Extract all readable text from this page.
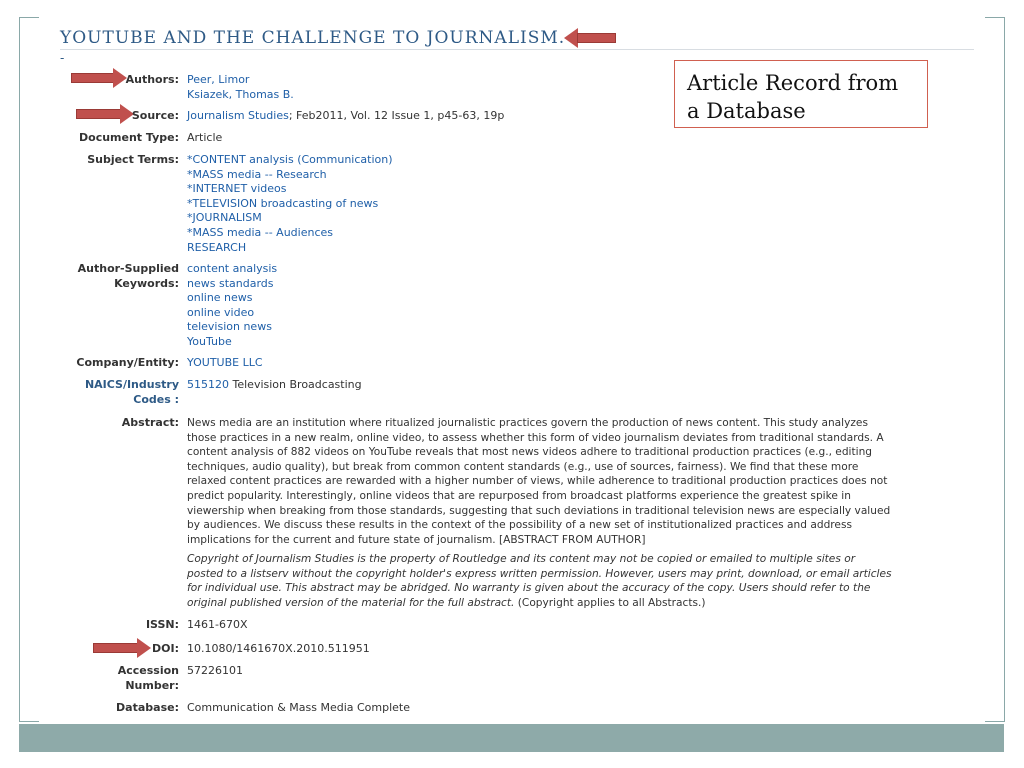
YOUTUBE AND THE CHALLENGE TO JOURNALISM.
-
Article Record from
a Database
Authors: Peer, Limor
Ksiazek, Thomas B.
Source: Journalism Studies; Feb2011, Vol. 12 Issue 1, p45-63, 19p
Document Type: Article
Subject Terms: *CONTENT analysis (Communication)
*MASS media -- Research
*INTERNET videos
*TELEVISION broadcasting of news
*JOURNALISM
*MASS media -- Audiences
RESEARCH
Author-Supplied
Keywords:
content analysis
news standards
online news
online video
television news
YouTube
Company/Entity: YOUTUBE LLC
NAICS/Industry
Codes :
515120 Television Broadcasting
Abstract: News media are an institution where ritualized journalistic practices govern the production of news content. This study analyzes
those practices in a new realm, online video, to assess whether this form of video journalism deviates from traditional standards. A
content analysis of 882 videos on YouTube reveals that most news videos adhere to traditional production practices (e.g., editing
techniques, audio quality), but break from common content standards (e.g., use of sources, fairness). We find that these more
relaxed content practices are rewarded with a higher number of views, while adherence to traditional production practices does not
predict popularity. Interestingly, online videos that are repurposed from broadcast platforms experience the greatest spike in
viewership when breaking from those standards, suggesting that such deviations in traditional television news are especially valued
by audiences. We discuss these results in the context of the possibility of a new set of institutionalized practices and address
implications for the current and future state of journalism. [ABSTRACT FROM AUTHOR]
Copyright of Journalism Studies is the property of Routledge and its content may not be copied or emailed to multiple sites or
posted to a listserv without the copyright holder's express written permission. However, users may print, download, or email articles
for individual use. This abstract may be abridged. No warranty is given about the accuracy of the copy. Users should refer to the
original published version of the material for the full abstract. (Copyright applies to all Abstracts.)
ISSN: 1461-670X
DOI: 10.1080/1461670X.2010.511951
Accession
Number:
57226101
Database: Communication & Mass Media Complete
